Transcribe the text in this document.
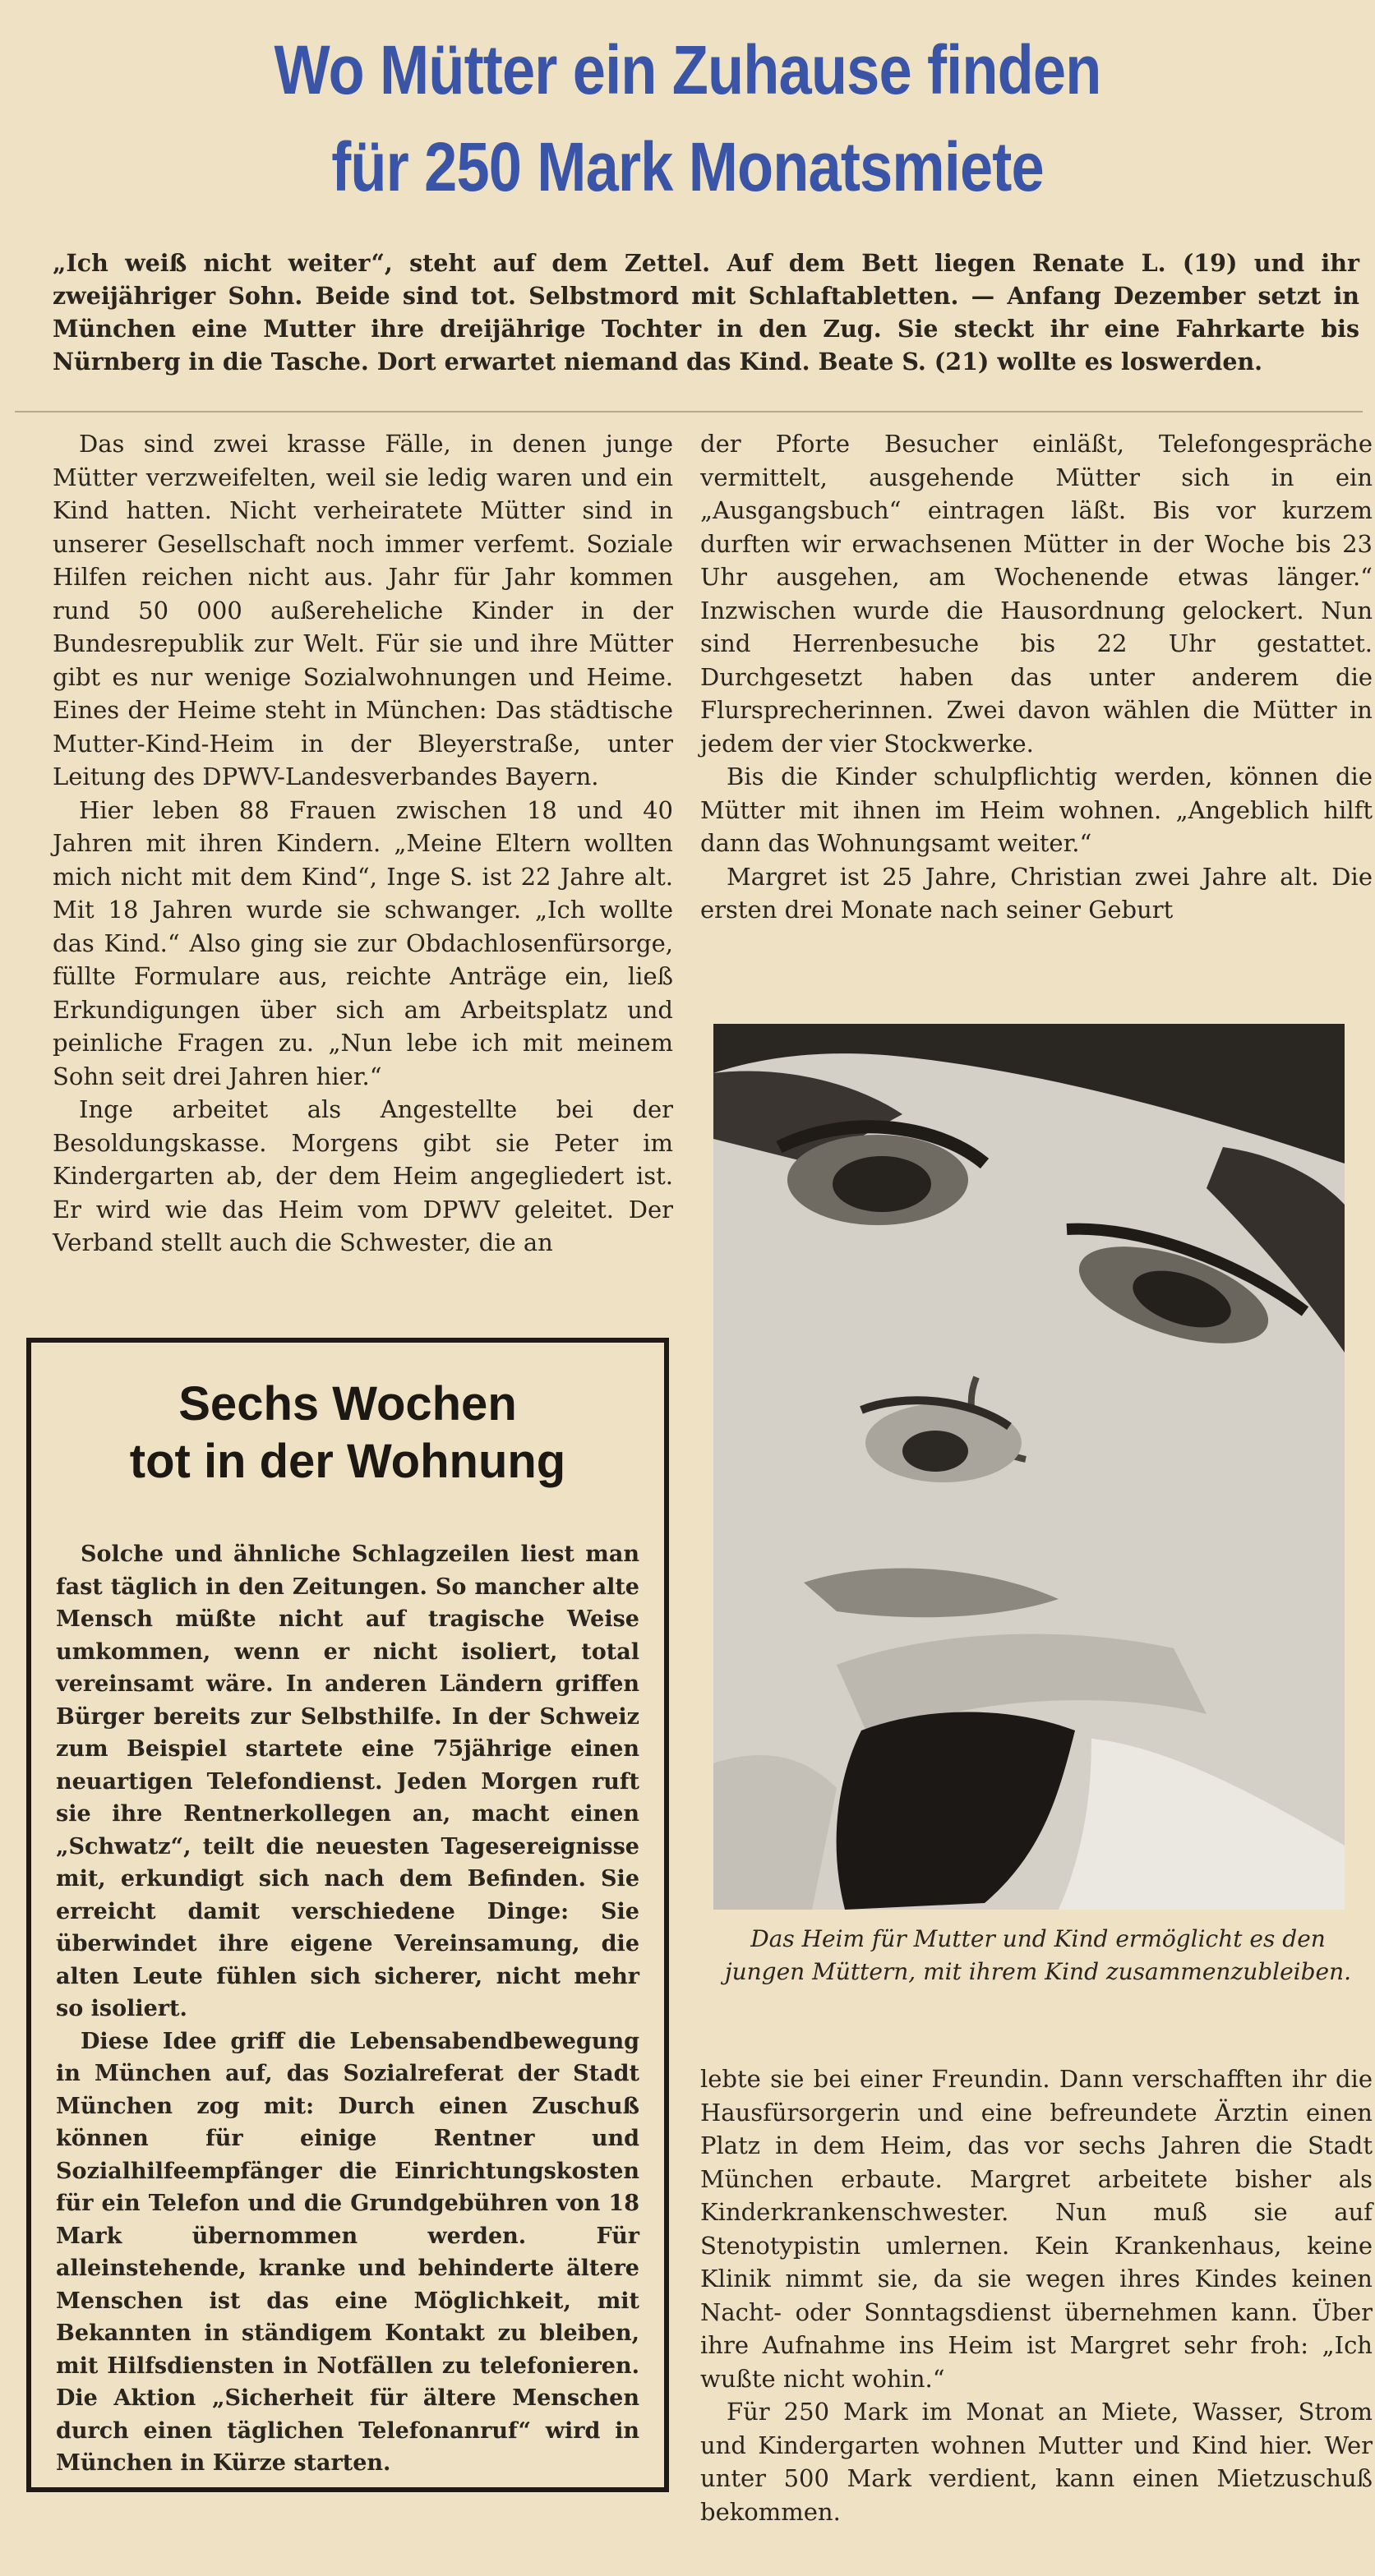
Wo Mütter ein Zuhause finden
für 250 Mark Monatsmiete
„Ich weiß nicht weiter“, steht auf dem Zettel. Auf dem Bett liegen Renate L. (19) und ihr zweijähriger Sohn. Beide sind tot. Selbstmord mit Schlaftabletten. — Anfang Dezember setzt in München eine Mutter ihre dreijährige Tochter in den Zug. Sie steckt ihr eine Fahrkarte bis Nürnberg in die Tasche. Dort erwartet niemand das Kind. Beate S. (21) wollte es loswerden.

Das sind zwei krasse Fälle, in denen junge Mütter verzweifelten, weil sie ledig waren und ein Kind hatten. Nicht verheiratete Mütter sind in unserer Gesellschaft noch immer verfemt. Soziale Hilfen reichen nicht aus. Jahr für Jahr kommen rund 50 000 außereheliche Kinder in der Bundesrepublik zur Welt. Für sie und ihre Mütter gibt es nur wenige Sozialwohnungen und Heime. Eines der Heime steht in München: Das städtische Mutter-Kind-Heim in der Bleyerstraße, unter Leitung des DPWV-Landesverbandes Bayern.

Hier leben 88 Frauen zwischen 18 und 40 Jahren mit ihren Kindern. „Meine Eltern wollten mich nicht mit dem Kind“, Inge S. ist 22 Jahre alt. Mit 18 Jahren wurde sie schwanger. „Ich wollte das Kind.“ Also ging sie zur Obdachlosenfürsorge, füllte Formulare aus, reichte Anträge ein, ließ Erkundigungen über sich am Arbeitsplatz und peinliche Fragen zu. „Nun lebe ich mit meinem Sohn seit drei Jahren hier.“

Inge arbeitet als Angestellte bei der Besoldungskasse. Morgens gibt sie Peter im Kindergarten ab, der dem Heim angegliedert ist. Er wird wie das Heim vom DPWV geleitet. Der Verband stellt auch die Schwester, die an

der Pforte Besucher einläßt, Telefongespräche vermittelt, ausgehende Mütter sich in ein „Ausgangsbuch“ eintragen läßt. Bis vor kurzem durften wir erwachsenen Mütter in der Woche bis 23 Uhr ausgehen, am Wochenende etwas länger.“ Inzwischen wurde die Hausordnung gelockert. Nun sind Herrenbesuche bis 22 Uhr gestattet. Durchgesetzt haben das unter anderem die Flursprecherinnen. Zwei davon wählen die Mütter in jedem der vier Stockwerke.

Bis die Kinder schulpflichtig werden, können die Mütter mit ihnen im Heim wohnen. „Angeblich hilft dann das Wohnungsamt weiter.“

Margret ist 25 Jahre, Christian zwei Jahre alt. Die ersten drei Monate nach seiner Geburt

Das Heim für Mutter und Kind ermöglicht es den jungen Müttern, mit ihrem Kind zusammenzubleiben.

lebte sie bei einer Freundin. Dann verschafften ihr die Hausfürsorgerin und eine befreundete Ärztin einen Platz in dem Heim, das vor sechs Jahren die Stadt München erbaute. Margret arbeitete bisher als Kinderkrankenschwester. Nun muß sie auf Stenotypistin umlernen. Kein Krankenhaus, keine Klinik nimmt sie, da sie wegen ihres Kindes keinen Nacht- oder Sonntagsdienst übernehmen kann. Über ihre Aufnahme ins Heim ist Margret sehr froh: „Ich wußte nicht wohin.“

Für 250 Mark im Monat an Miete, Wasser, Strom und Kindergarten wohnen Mutter und Kind hier. Wer unter 500 Mark verdient, kann einen Mietzuschuß bekommen.

Sechs Wochen
tot in der Wohnung

Solche und ähnliche Schlagzeilen liest man fast täglich in den Zeitungen. So mancher alte Mensch müßte nicht auf tragische Weise umkommen, wenn er nicht isoliert, total vereinsamt wäre. In anderen Ländern griffen Bürger bereits zur Selbsthilfe. In der Schweiz zum Beispiel startete eine 75jährige einen neuartigen Telefondienst. Jeden Morgen ruft sie ihre Rentnerkollegen an, macht einen „Schwatz“, teilt die neuesten Tagesereignisse mit, erkundigt sich nach dem Befinden. Sie erreicht damit verschiedene Dinge: Sie überwindet ihre eigene Vereinsamung, die alten Leute fühlen sich sicherer, nicht mehr so isoliert.

Diese Idee griff die Lebensabendbewegung in München auf, das Sozialreferat der Stadt München zog mit: Durch einen Zuschuß können für einige Rentner und Sozialhilfeempfänger die Einrichtungskosten für ein Telefon und die Grundgebühren von 18 Mark übernommen werden. Für alleinstehende, kranke und behinderte ältere Menschen ist das eine Möglichkeit, mit Bekannten in ständigem Kontakt zu bleiben, mit Hilfsdiensten in Notfällen zu telefonieren. Die Aktion „Sicherheit für ältere Menschen durch einen täglichen Telefonanruf“ wird in München in Kürze starten.
